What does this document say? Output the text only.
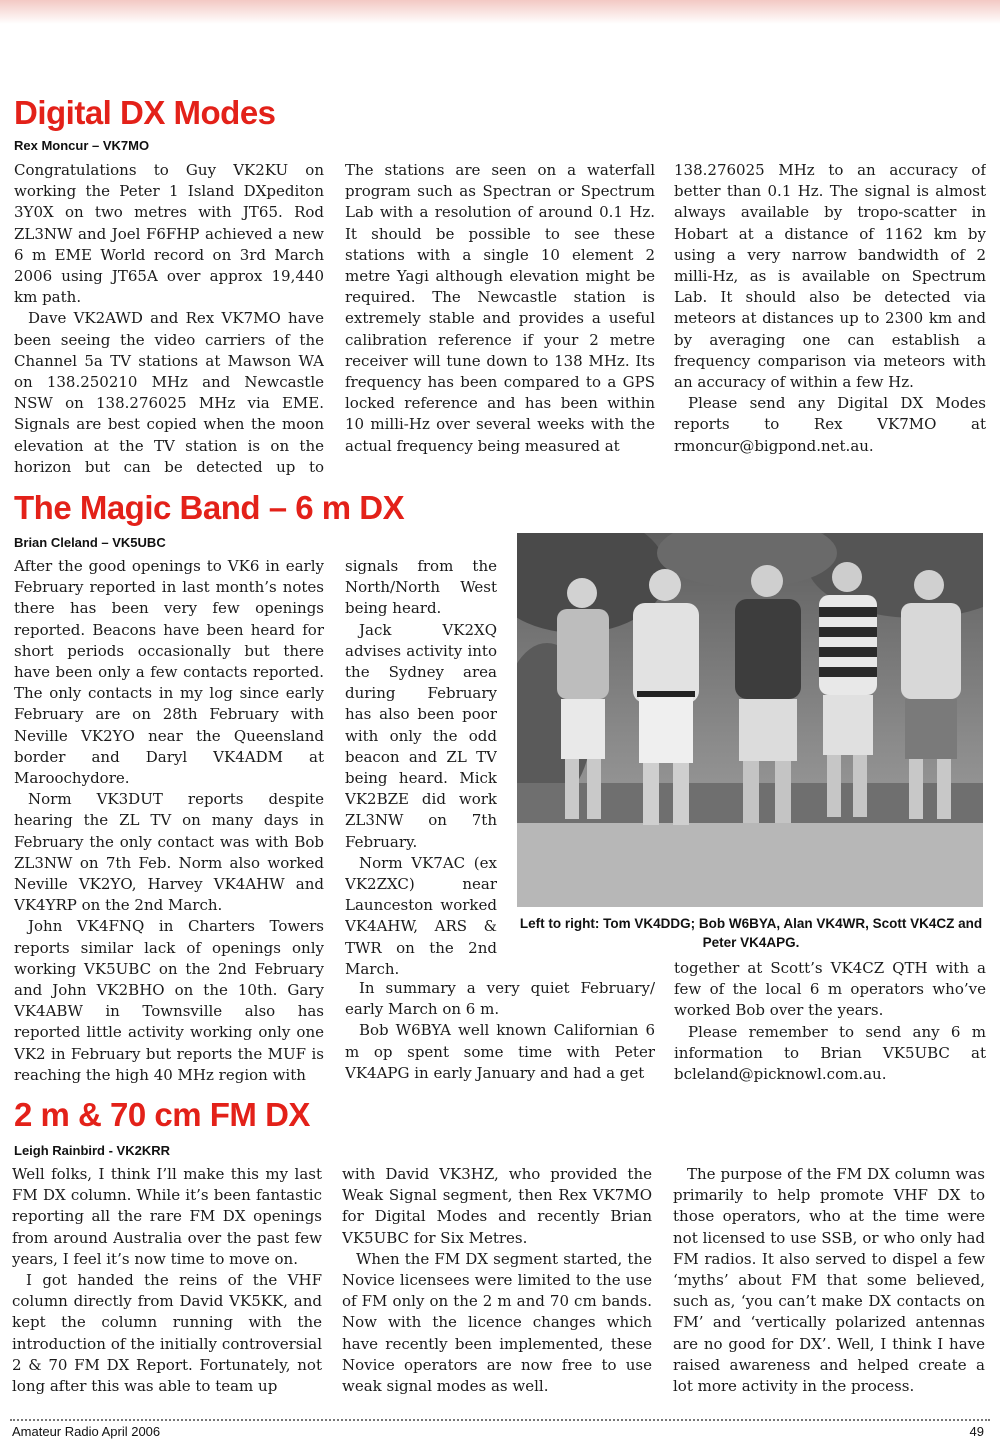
Digital DX Modes
Rex Moncur – VK7MO

Congratulations to Guy VK2KU on working the Peter 1 Island DXpediton 3Y0X on two metres with JT65. Rod ZL3NW and Joel F6FHP achieved a new 6 m EME World record on 3rd March 2006 using JT65A over approx 19,440 km path.

Dave VK2AWD and Rex VK7MO have been seeing the video carriers of the Channel 5a TV stations at Mawson WA on 138.250210 MHz and Newcastle NSW on 138.276025 MHz via EME. Signals are best copied when the moon elevation at the TV station is on the horizon but can be detected up to

The stations are seen on a waterfall program such as Spectran or Spectrum Lab with a resolution of around 0.1 Hz. It should be possible to see these stations with a single 10 element 2 metre Yagi although elevation might be required. The Newcastle station is extremely stable and provides a useful calibration reference if your 2 metre receiver will tune down to 138 MHz. Its frequency has been compared to a GPS locked reference and has been within 10 milli-Hz over several weeks with the actual frequency being measured at

138.276025 MHz to an accuracy of better than 0.1 Hz. The signal is almost always available by tropo-scatter in Hobart at a distance of 1162 km by using a very narrow bandwidth of 2 milli-Hz, as is available on Spectrum Lab. It should also be detected via meteors at distances up to 2300 km and by averaging one can establish a frequency comparison via meteors with an accuracy of within a few Hz.

Please send any Digital DX Modes reports to Rex VK7MO at rmoncur@bigpond.net.au.

The Magic Band – 6 m DX
Brian Cleland – VK5UBC

After the good openings to VK6 in early February reported in last month’s notes there has been very few openings reported. Beacons have been heard for short periods occasionally but there have been only a few contacts reported. The only contacts in my log since early February are on 28th February with Neville VK2YO near the Queensland border and Daryl VK4ADM at Maroochydore.

Norm VK3DUT reports despite hearing the ZL TV on many days in February the only contact was with Bob ZL3NW on 7th Feb. Norm also worked Neville VK2YO, Harvey VK4AHW and VK4YRP on the 2nd March.

John VK4FNQ in Charters Towers reports similar lack of openings only working VK5UBC on the 2nd February and John VK2BHO on the 10th. Gary VK4ABW in Townsville also has reported little activity working only one VK2 in February but reports the MUF is reaching the high 40 MHz region with

signals from the North/North West being heard.

Jack VK2XQ advises activity into the Sydney area during February has also been poor with only the odd beacon and ZL TV being heard. Mick VK2BZE did work ZL3NW on 7th February.

Norm VK7AC (ex VK2ZXC) near Launceston worked VK4AHW, ARS & TWR on the 2nd March.

In summary a very quiet February/ early March on 6 m.

Bob W6BYA well known Californian 6 m op spent some time with Peter VK4APG in early January and had a get

together at Scott’s VK4CZ QTH with a few of the local 6 m operators who’ve worked Bob over the years.

Please remember to send any 6 m information to Brian VK5UBC at bcleland@picknowl.com.au.

Left to right: Tom VK4DDG; Bob W6BYA, Alan VK4WR, Scott VK4CZ and Peter VK4APG.
2 m & 70 cm FM DX
Leigh Rainbird - VK2KRR

Well folks, I think I’ll make this my last FM DX column. While it’s been fantastic reporting all the rare FM DX openings from around Australia over the past few years, I feel it’s now time to move on.

I got handed the reins of the VHF column directly from David VK5KK, and kept the column running with the introduction of the initially controversial 2 & 70 FM DX Report. Fortunately, not long after this was able to team up

with David VK3HZ, who provided the Weak Signal segment, then Rex VK7MO for Digital Modes and recently Brian VK5UBC for Six Metres.

When the FM DX segment started, the Novice licensees were limited to the use of FM only on the 2 m and 70 cm bands. Now with the licence changes which have recently been implemented, these Novice operators are now free to use weak signal modes as well.

The purpose of the FM DX column was primarily to help promote VHF DX to those operators, who at the time were not licensed to use SSB, or who only had FM radios. It also served to dispel a few ‘myths’ about FM that some believed, such as, ‘you can’t make DX contacts on FM’ and ‘vertically polarized antennas are no good for DX’. Well, I think I have raised awareness and helped create a lot more activity in the process.

Amateur Radio April 2006	49
